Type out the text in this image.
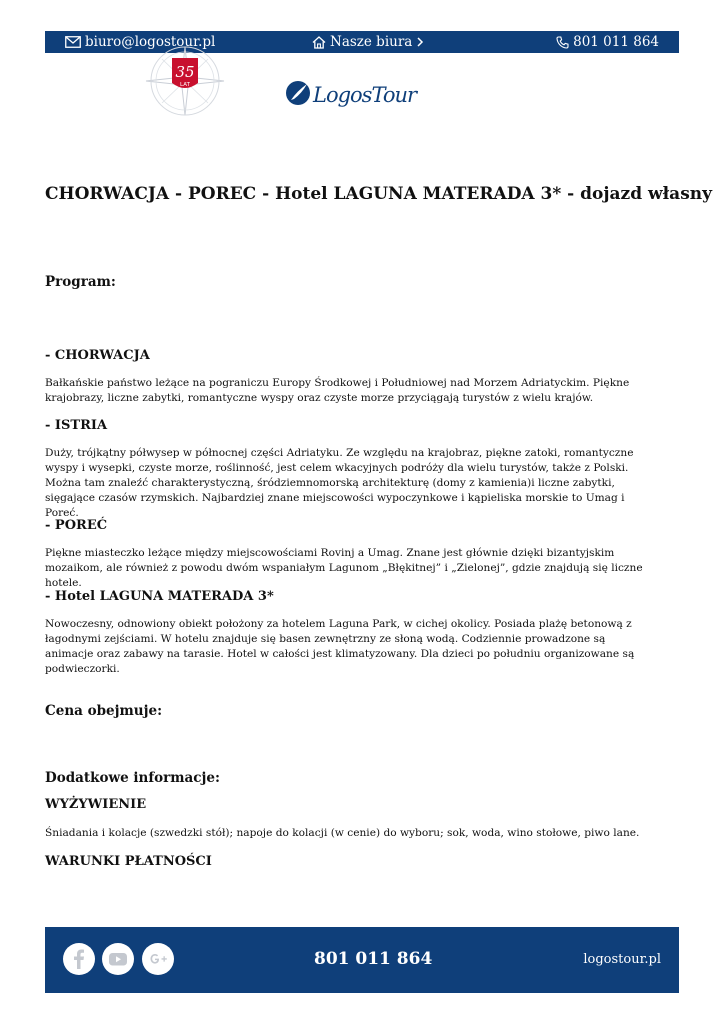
biuro@logostour.pl	Nasze biura	801 011 864
35
LAT	LogosTour
CHORWACJA - POREC - Hotel LAGUNA MATERADA 3* - dojazd własny
Program:
- CHORWACJA
Bałkańskie państwo leżące na pograniczu Europy Środkowej i Południowej nad Morzem Adriatyckim. Piękne krajobrazy, liczne zabytki, romantyczne wyspy oraz czyste morze przyciągają turystów z wielu krajów.
- ISTRIA
Duży, trójkątny półwysep w północnej części Adriatyku. Ze względu na krajobraz, piękne zatoki, romantyczne wyspy i wysepki, czyste morze, roślinność, jest celem wkacyjnych podróży dla wielu turystów, także z Polski. Można tam znaleźć charakterystyczną, śródziemnomorską architekturę (domy z kamienia)i liczne zabytki, sięgające czasów rzymskich. Najbardziej znane miejscowości wypoczynkowe i kąpieliska morskie to Umag i Poreć.
- POREĆ
Piękne miasteczko leżące między miejscowościami Rovinj a Umag. Znane jest głównie dzięki bizantyjskim mozaikom, ale również z powodu dwóm wspaniałym Lagunom „Błękitnej” i „Zielonej”, gdzie znajdują się liczne hotele.
- Hotel LAGUNA MATERADA 3*
Nowoczesny, odnowiony obiekt położony za hotelem Laguna Park, w cichej okolicy. Posiada plażę betonową z łagodnymi zejściami. W hotelu znajduje się basen zewnętrzny ze słoną wodą. Codziennie prowadzone są animacje oraz zabawy na tarasie. Hotel w całości jest klimatyzowany. Dla dzieci po południu organizowane są podwieczorki.
Cena obejmuje:
Dodatkowe informacje:
WYŻYWIENIE
Śniadania i kolacje (szwedzki stół); napoje do kolacji (w cenie) do wyboru; sok, woda, wino stołowe, piwo lane.
WARUNKI PŁATNOŚCI
801 011 864	logostour.pl
